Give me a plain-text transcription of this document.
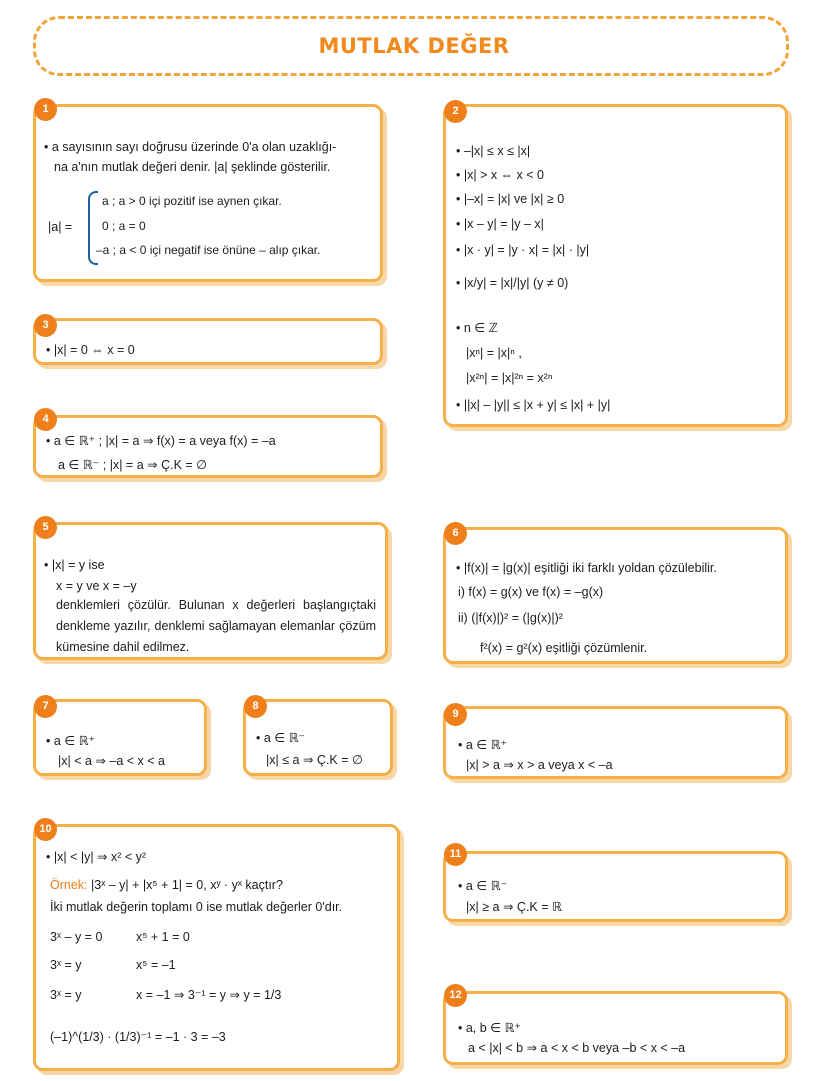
MUTLAK DEĞER
• a sayısının sayı doğrusu üzerinde 0'a olan uzaklığı-
na a'nın mutlak değeri denir. |a| şeklinde gösterilir.
|a| =
a ; a > 0 içi pozitif ise aynen çıkar.
0 ; a = 0
–a ; a < 0 içi negatif ise önüne – alıp çıkar.
1
• –|x| ≤ x ≤ |x|
• |x| > x ⇔ x < 0
• |–x| = |x| ve |x| ≥ 0
• |x – y| = |y – x|
• |x · y| = |y · x| = |x| · |y|
• |x/y| = |x|/|y| (y ≠ 0)
• n ∈ ℤ
|xⁿ| = |x|ⁿ ,
|x²ⁿ| = |x|²ⁿ = x²ⁿ
• ||x| – |y|| ≤ |x + y| ≤ |x| + |y|
2
• |x| = 0 ⇔ x = 0
3
• a ∈ ℝ⁺ ; |x| = a ⇒ f(x) = a veya f(x) = –a
a ∈ ℝ⁻ ; |x| = a ⇒ Ç.K = ∅
4
• |x| = y ise
x = y ve x = –y
denklemleri çözülür. Bulunan x değerleri başlangıçtaki denkleme yazılır, denklemi sağlamayan elemanlar çözüm kümesine dahil edilmez.
5
• |f(x)| = |g(x)| eşitliği iki farklı yoldan çözülebilir.
i) f(x) = g(x) ve f(x) = –g(x)
ii) (|f(x)|)² = (|g(x)|)²
f²(x) = g²(x) eşitliği çözümlenir.
6
• a ∈ ℝ⁺
|x| < a ⇒ –a < x < a
7
• a ∈ ℝ⁻
|x| ≤ a ⇒ Ç.K = ∅
8
• a ∈ ℝ⁺
|x| > a ⇒ x > a veya x < –a
9
• |x| < |y| ⇒ x² < y²
Örnek: |3ˣ – y| + |x⁵ + 1| = 0, xʸ · yˣ kaçtır?
İki mutlak değerin toplamı 0 ise mutlak değerler 0'dır.
3ˣ – y = 0	x⁵ + 1 = 0
3ˣ = y	x⁵ = –1
3ˣ = y	x = –1 ⇒ 3⁻¹ = y ⇒ y = 1/3
(–1)^(1/3) · (1/3)⁻¹ = –1 · 3 = –3
10
• a ∈ ℝ⁻
|x| ≥ a ⇒ Ç.K = ℝ
11
• a, b ∈ ℝ⁺
a < |x| < b ⇒ a < x < b veya –b < x < –a
12
